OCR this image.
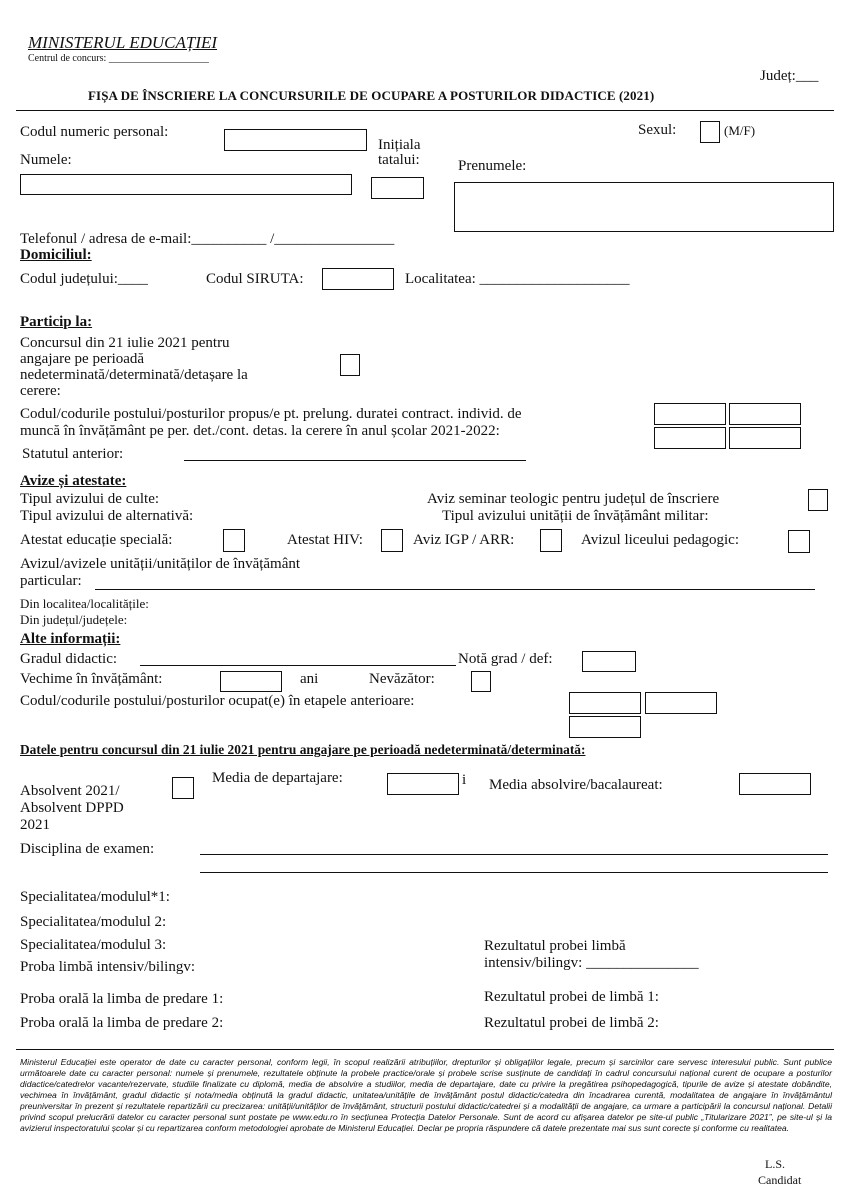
MINISTERUL EDUCAȚIEI
Centrul de concurs: ____________________
Județ:___
FIȘA DE ÎNSCRIERE LA CONCURSURILE DE OCUPARE A POSTURILOR DIDACTICE (2021)
Codul numeric personal:
Inițiala
tatalui:
Sexul:	(M/F)
Numele:	Prenumele:
Telefonul / adresa de e-mail:__________ /________________
Domiciliul:
Codul județului:____	Codul SIRUTA:	Localitatea: ____________________
Particip la:
Concursul din 21 iulie 2021 pentru
angajare pe perioadă
nedeterminată/determinată/detașare la
cerere:
Codul/codurile postului/posturilor propus/e pt. prelung. duratei contract. individ. de
muncă în învățământ pe per. det./cont. detas. la cerere în anul școlar 2021-2022:
Statutul anterior:
Avize și atestate:
Tipul avizului de culte:	Aviz seminar teologic pentru județul de înscriere
Tipul avizului de alternativă:	Tipul avizului unității de învățământ militar:
Atestat educație specială:	Atestat HIV:	Aviz IGP / ARR:	Avizul liceului pedagogic:
Avizul/avizele unității/unităților de învățământ
particular:
Din localitea/localitățile:
Din județul/județele:
Alte informații:
Gradul didactic:	Notă grad / def:
Vechime în învățământ:	ani	Nevăzător:
Codul/codurile postului/posturilor ocupat(e) în etapele anterioare:
Datele pentru concursul din 21 iulie 2021 pentru angajare pe perioadă nedeterminată/determinată:
Absolvent 2021/
Absolvent DPPD
2021
Media de departajare:	i Media absolvire/bacalaureat:
Disciplina de examen:
Specialitatea/modulul*1:
Specialitatea/modulul 2:
Specialitatea/modulul 3:
Proba limbă intensiv/bilingv:
Rezultatul probei limbă
intensiv/bilingv: _______________
Proba orală la limba de predare 1:	Rezultatul probei de limbă 1:
Proba orală la limba de predare 2:	Rezultatul probei de limbă 2:
Ministerul Educației este operator de date cu caracter personal, conform legii, în scopul realizării atribuțiilor, drepturilor și obligațiilor legale, precum și sarcinilor care servesc interesului public. Sunt publice următoarele date cu caracter personal: numele și prenumele, rezultatele obținute la probele practice/orale și probele scrise susținute de candidați în cadrul concursului național curent de ocupare a posturilor didactice/catedrelor vacante/rezervate, studiile finalizate cu diplomă, media de absolvire a studiilor, media de departajare, date cu privire la pregătirea psihopedagogică, tipurile de avize și atestate dobândite, vechimea în învățământ, gradul didactic și nota/media obținută la gradul didactic, unitatea/unitățile de învățământ postul didactic/catedra din încadrarea curentă, modalitatea de angajare în învățământul preuniversitar în prezent și rezultatele repartizării cu precizarea: unității/unităților de învățământ, structurii postului didactic/catedrei și a modalității de angajare, ca urmare a participării la concursul național. Detalii privind scopul prelucrării datelor cu caracter personal sunt postate pe www.edu.ro în secțiunea Protecția Datelor Personale. Sunt de acord cu afișarea datelor pe site-ul public „Titularizare 2021”, pe site-ul și la avizierul inspectoratului școlar și cu repartizarea conform metodologiei aprobate de Ministerul Educației. Declar pe propria răspundere că datele prezentate mai sus sunt corecte și conforme cu realitatea.
L.S.
Candidat
